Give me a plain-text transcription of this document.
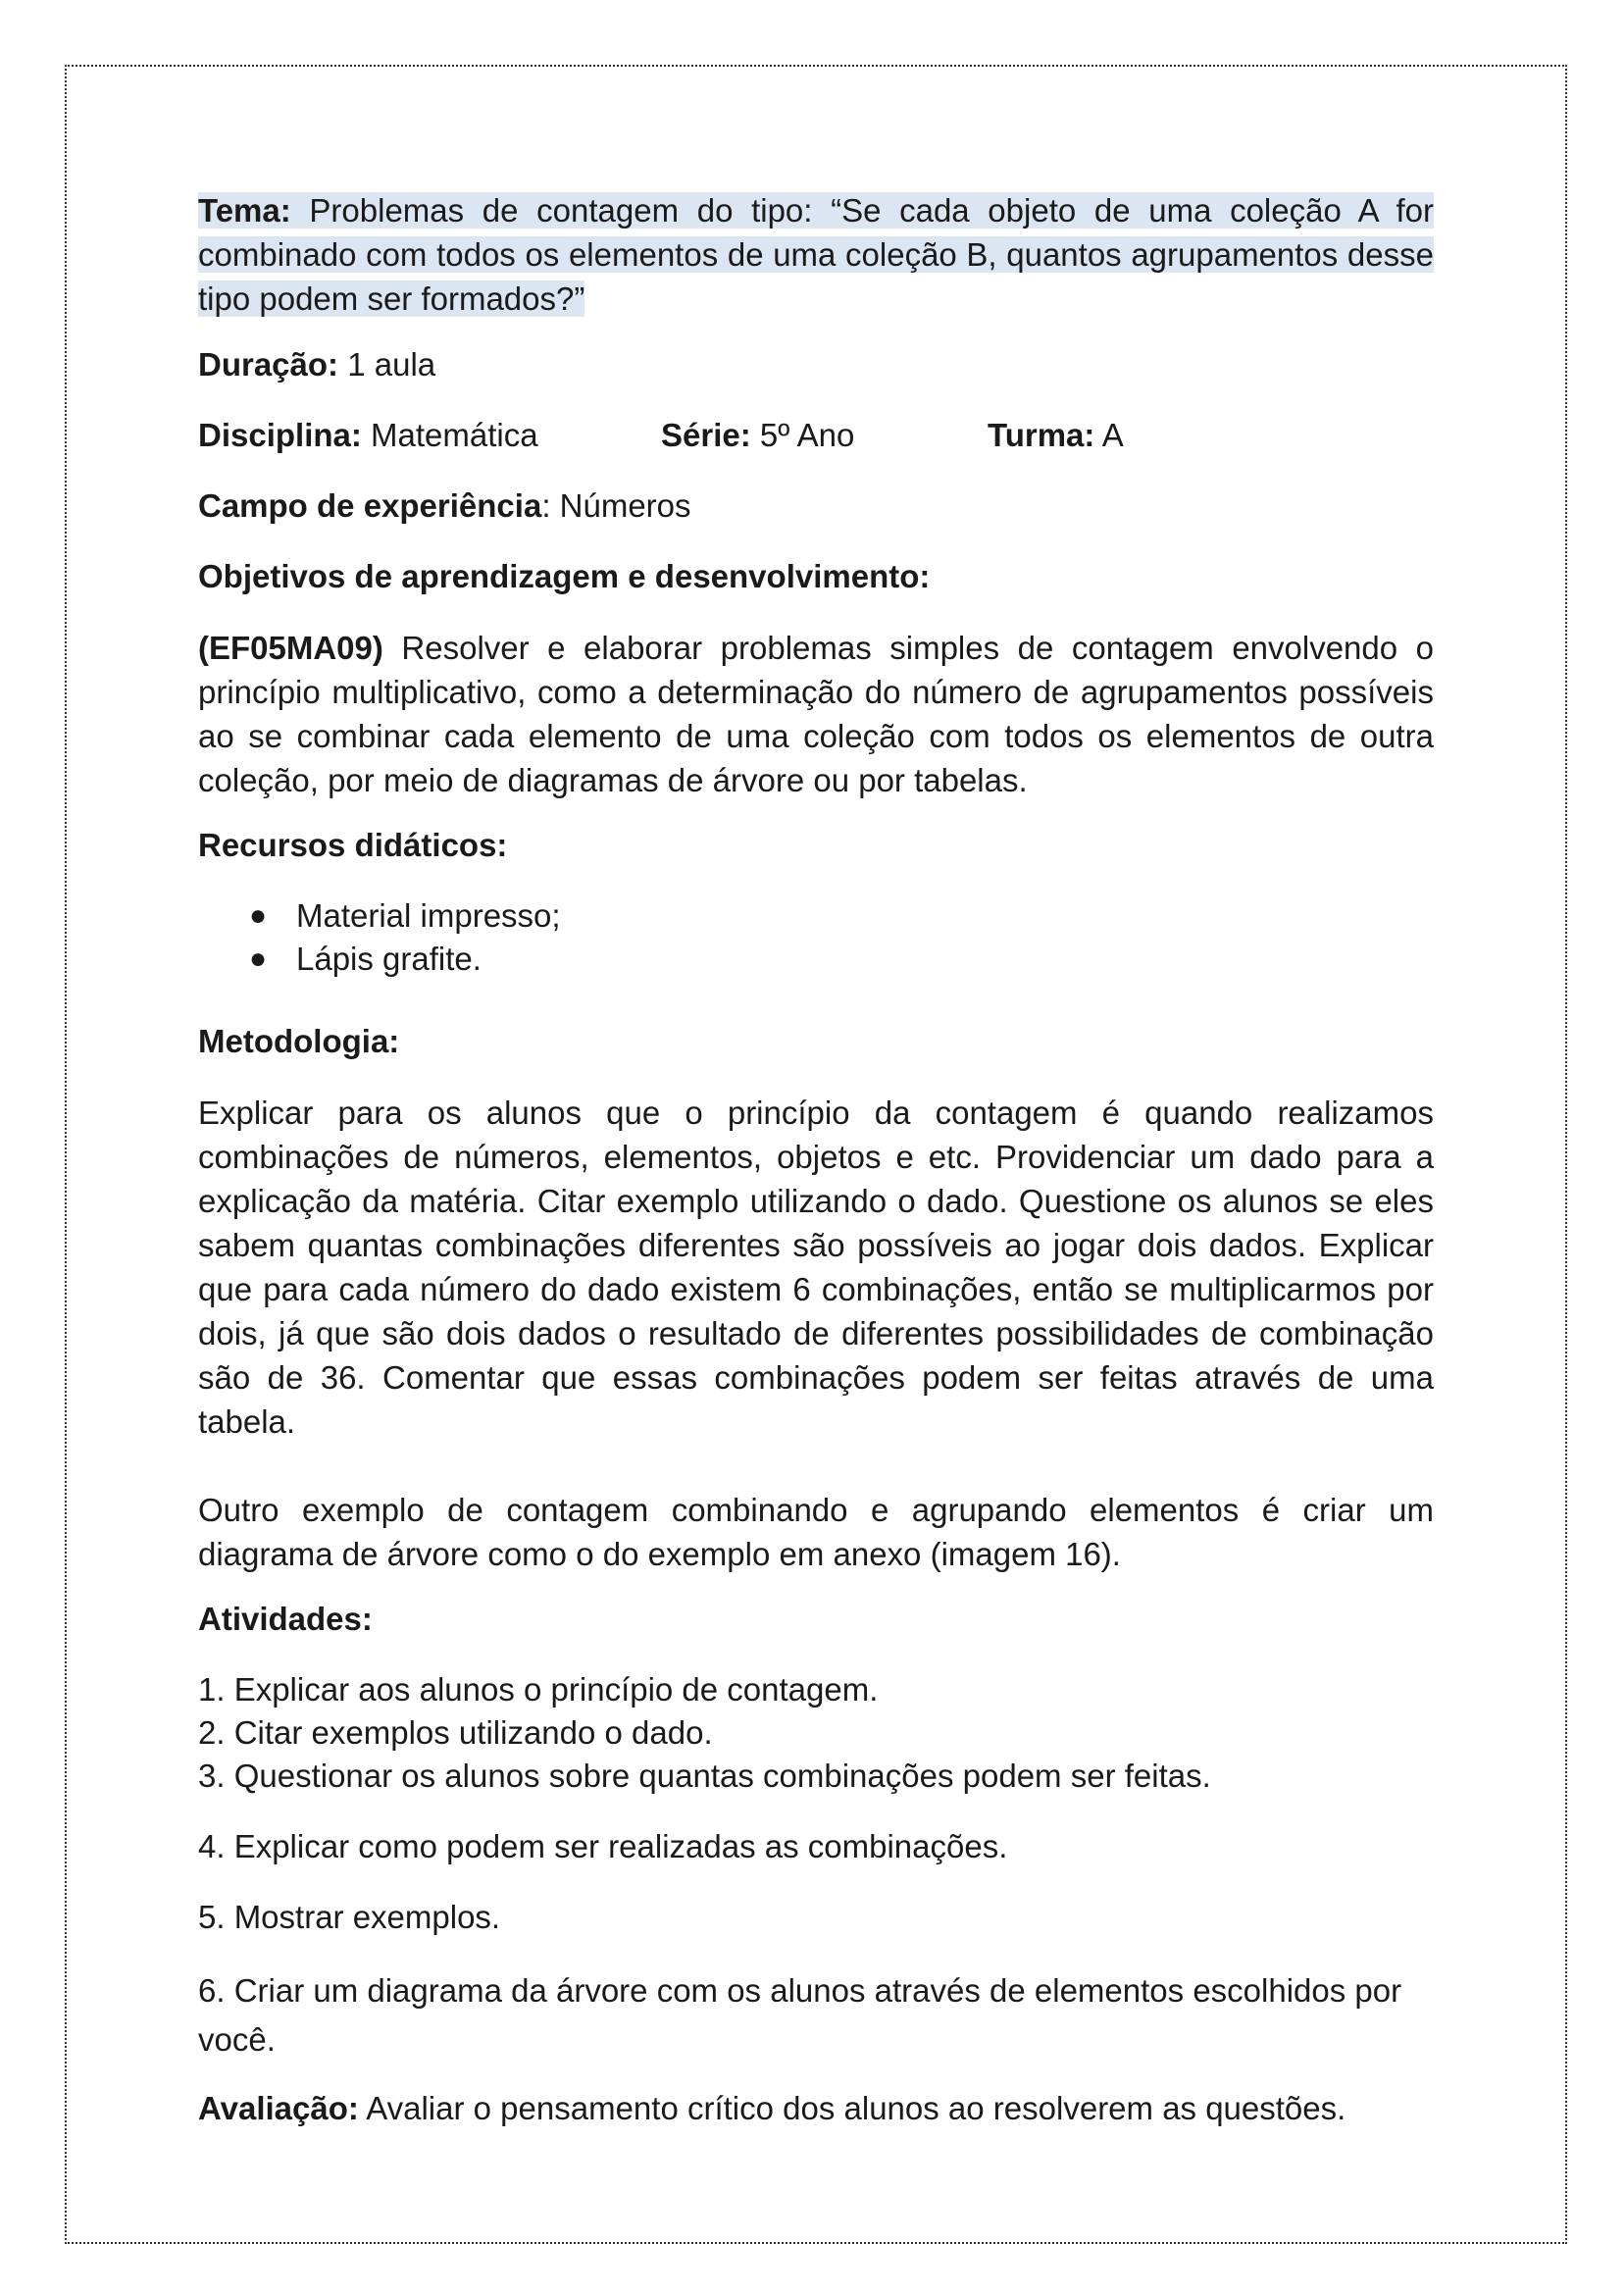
Tema: Problemas de contagem do tipo: “Se cada objeto de uma coleção A for combinado com todos os elementos de uma coleção B, quantos agrupamentos desse tipo podem ser formados?”

Duração: 1 aula

Disciplina: Matemática	Série: 5º Ano	Turma: A

Campo de experiência: Números

Objetivos de aprendizagem e desenvolvimento:

(EF05MA09) Resolver e elaborar problemas simples de contagem envolvendo o princípio multiplicativo, como a determinação do número de agrupamentos possíveis ao se combinar cada elemento de uma coleção com todos os elementos de outra coleção, por meio de diagramas de árvore ou por tabelas.

Recursos didáticos:

● Material impresso;
● Lápis grafite.

Metodologia:

Explicar para os alunos que o princípio da contagem é quando realizamos combinações de números, elementos, objetos e etc. Providenciar um dado para a explicação da matéria. Citar exemplo utilizando o dado. Questione os alunos se eles sabem quantas combinações diferentes são possíveis ao jogar dois dados. Explicar que para cada número do dado existem 6 combinações, então se multiplicarmos por dois, já que são dois dados o resultado de diferentes possibilidades de combinação são de 36. Comentar que essas combinações podem ser feitas através de uma tabela.

Outro exemplo de contagem combinando e agrupando elementos é criar um diagrama de árvore como o do exemplo em anexo (imagem 16).

Atividades:

1. Explicar aos alunos o princípio de contagem.
2. Citar exemplos utilizando o dado.
3. Questionar os alunos sobre quantas combinações podem ser feitas.
4. Explicar como podem ser realizadas as combinações.
5. Mostrar exemplos.
6. Criar um diagrama da árvore com os alunos através de elementos escolhidos por você.

Avaliação: Avaliar o pensamento crítico dos alunos ao resolverem as questões.
